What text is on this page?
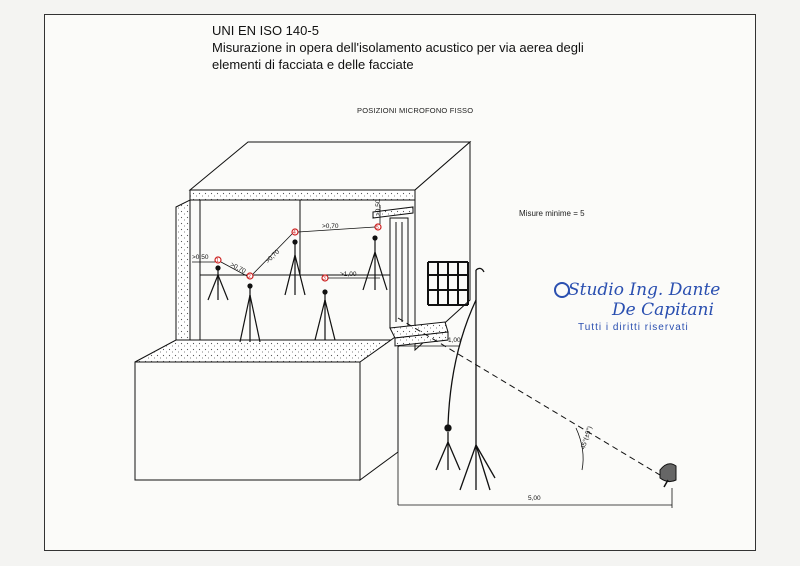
UNI EN ISO 140-5
Misurazione in opera dell'isolamento acustico per via aerea degli
elementi di facciata e delle facciate
POSIZIONI MICROFONO FISSO
Misure minime = 5
Studio Ing. Dante
De Capitani
Tutti i diritti riservati
1
2	3
4
5
>0,50
>0,70
>0,70
>0,70
>1,00
>0,50
1,00
5,00
45°(±5°)
